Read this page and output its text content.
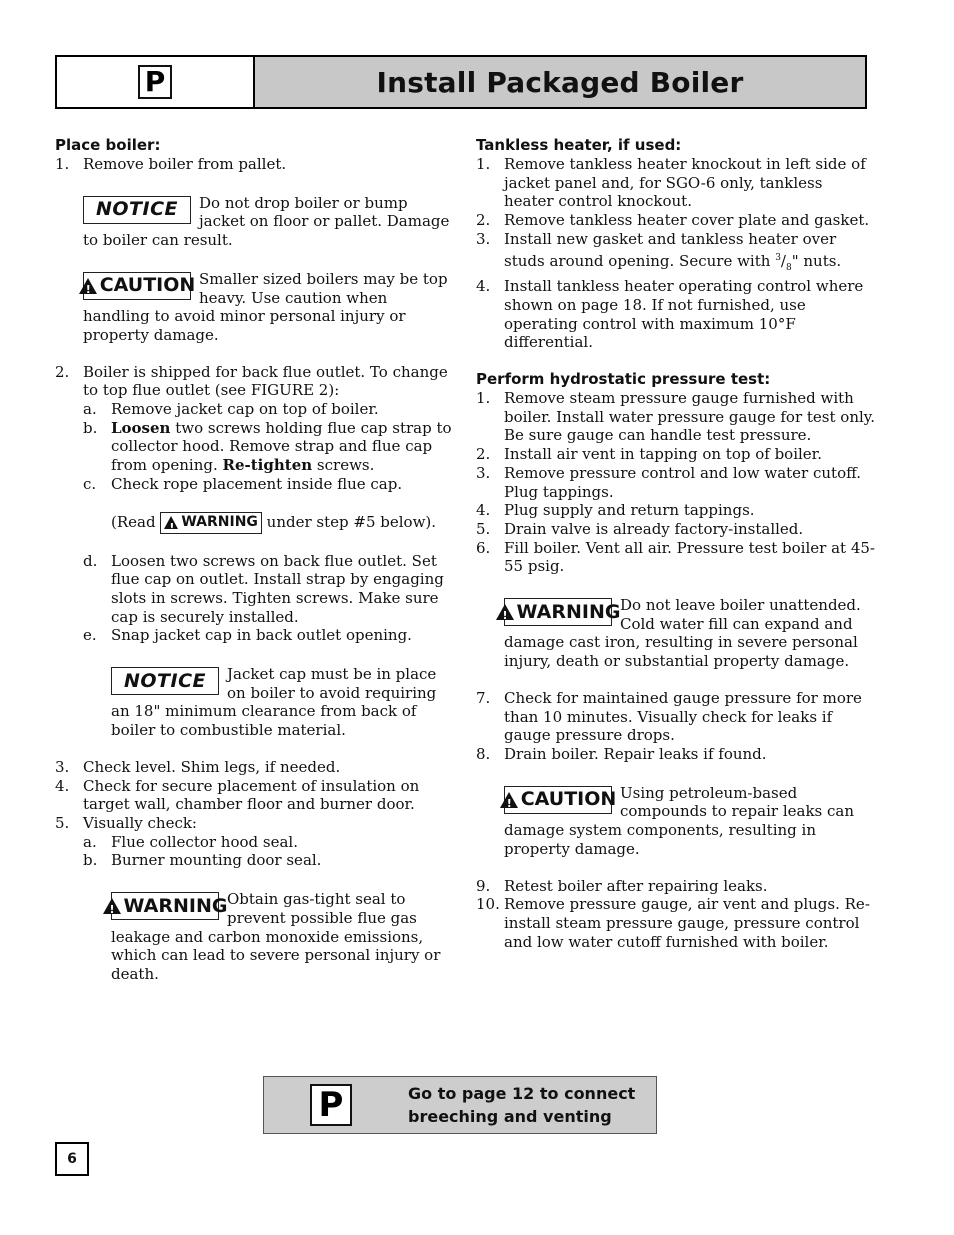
P	Install Packaged Boiler

Place boiler:

1. Remove boiler from pallet.
NOTICE Do not drop boiler or bump jacket on floor or pallet. Damage to boiler can result.
!
CAUTION Smaller sized boilers may be top heavy. Use caution when handling to avoid minor personal injury or property damage.
2. Boiler is shipped for back flue outlet. To change to top flue outlet (see FIGURE 2):
a. Remove jacket cap on top of boiler.
b. Loosen two screws holding flue cap strap to collector hood. Remove strap and flue cap from opening. Re-tighten screws.
c. Check rope placement inside flue cap.
(Read
! WARNING under step #5 below).
d. Loosen two screws on back flue outlet. Set flue cap on outlet. Install strap by engaging slots in screws. Tighten screws. Make sure cap is securely installed.
e. Snap jacket cap in back outlet opening.
NOTICE Jacket cap must be in place on boiler to avoid requiring an 18" minimum clearance from back of boiler to combustible material.
3. Check level. Shim legs, if needed.
4. Check for secure placement of insulation on target wall, chamber floor and burner door.
5. Visually check:
a. Flue collector hood seal.
b. Burner mounting door seal.
!
WARNING Obtain gas-tight seal to prevent possible flue gas leakage and carbon monoxide emissions, which can lead to severe personal injury or death.

Tankless heater, if used:

1. Remove tankless heater knockout in left side of jacket panel and, for SGO-6 only, tankless heater control knockout.
2. Remove tankless heater cover plate and gasket.
3. Install new gasket and tankless heater over studs around opening. Secure with $^3/_8$" nuts.
4. Install tankless heater operating control where shown on page 18. If not furnished, use operating control with maximum 10°F differential.

Perform hydrostatic pressure test:

1. Remove steam pressure gauge furnished with boiler. Install water pressure gauge for test only. Be sure gauge can handle test pressure.
2. Install air vent in tapping on top of boiler.
3. Remove pressure control and low water cutoff. Plug tappings.
4. Plug supply and return tappings.
5. Drain valve is already factory-installed.
6. Fill boiler. Vent all air. Pressure test boiler at 45-55 psig.
!
WARNING Do not leave boiler unattended. Cold water fill can expand and damage cast iron, resulting in severe personal injury, death or substantial property damage.
7. Check for maintained gauge pressure for more than 10 minutes. Visually check for leaks if gauge pressure drops.
8. Drain boiler. Repair leaks if found.
!
CAUTION Using petroleum-based compounds to repair leaks can damage system components, resulting in property damage.
9. Retest boiler after repairing leaks.
10. Remove pressure gauge, air vent and plugs. Re-install steam pressure gauge, pressure control and low water cutoff furnished with boiler.
P	Go to page 12 to connect
breeching and venting
6
